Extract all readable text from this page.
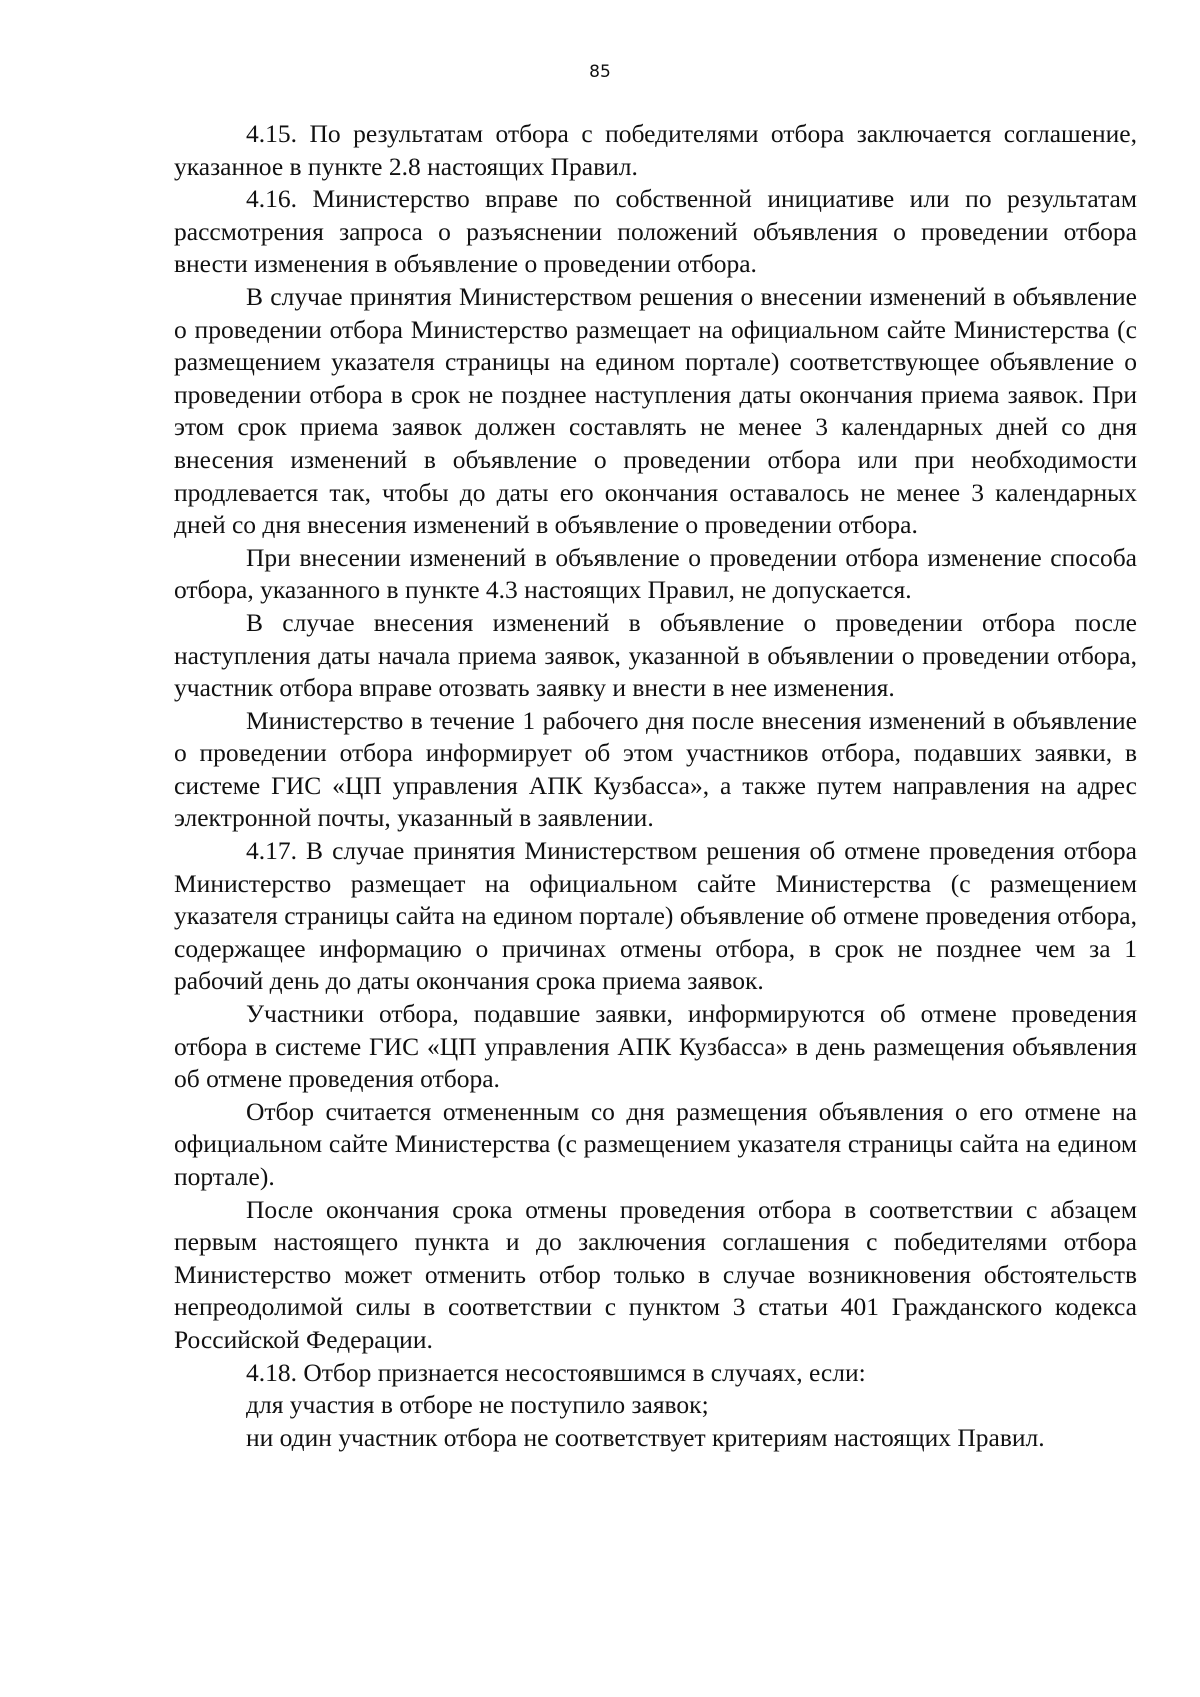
85

4.15. По результатам отбора с победителями отбора заключается соглашение, указанное в пункте 2.8 настоящих Правил.

4.16. Министерство вправе по собственной инициативе или по результатам рассмотрения запроса о разъяснении положений объявления о проведении отбора внести изменения в объявление о проведении отбора.

В случае принятия Министерством решения о внесении изменений в объявление о проведении отбора Министерство размещает на официальном сайте Министерства (с размещением указателя страницы на едином портале) соответствующее объявление о проведении отбора в срок не позднее наступления даты окончания приема заявок. При этом срок приема заявок должен составлять не менее 3 календарных дней со дня внесения изменений в объявление о проведении отбора или при необходимости продлевается так, чтобы до даты его окончания оставалось не менее 3 календарных дней со дня внесения изменений в объявление о проведении отбора.

При внесении изменений в объявление о проведении отбора изменение способа отбора, указанного в пункте 4.3 настоящих Правил, не допускается.

В случае внесения изменений в объявление о проведении отбора после наступления даты начала приема заявок, указанной в объявлении о проведении отбора, участник отбора вправе отозвать заявку и внести в нее изменения.

Министерство в течение 1 рабочего дня после внесения изменений в объявление о проведении отбора информирует об этом участников отбора, подавших заявки, в системе ГИС «ЦП управления АПК Кузбасса», а также путем направления на адрес электронной почты, указанный в заявлении.

4.17. В случае принятия Министерством решения об отмене проведения отбора Министерство размещает на официальном сайте Министерства (с размещением указателя страницы сайта на едином портале) объявление об отмене проведения отбора, содержащее информацию о причинах отмены отбора, в срок не позднее чем за 1 рабочий день до даты окончания срока приема заявок.

Участники отбора, подавшие заявки, информируются об отмене проведения отбора в системе ГИС «ЦП управления АПК Кузбасса» в день размещения объявления об отмене проведения отбора.

Отбор считается отмененным со дня размещения объявления о его отмене на официальном сайте Министерства (с размещением указателя страницы сайта на едином портале).

После окончания срока отмены проведения отбора в соответствии с абзацем первым настоящего пункта и до заключения соглашения с победителями отбора Министерство может отменить отбор только в случае возникновения обстоятельств непреодолимой силы в соответствии с пунктом 3 статьи 401 Гражданского кодекса Российской Федерации.

4.18. Отбор признается несостоявшимся в случаях, если:

для участия в отборе не поступило заявок;

ни один участник отбора не соответствует критериям настоящих Правил.
